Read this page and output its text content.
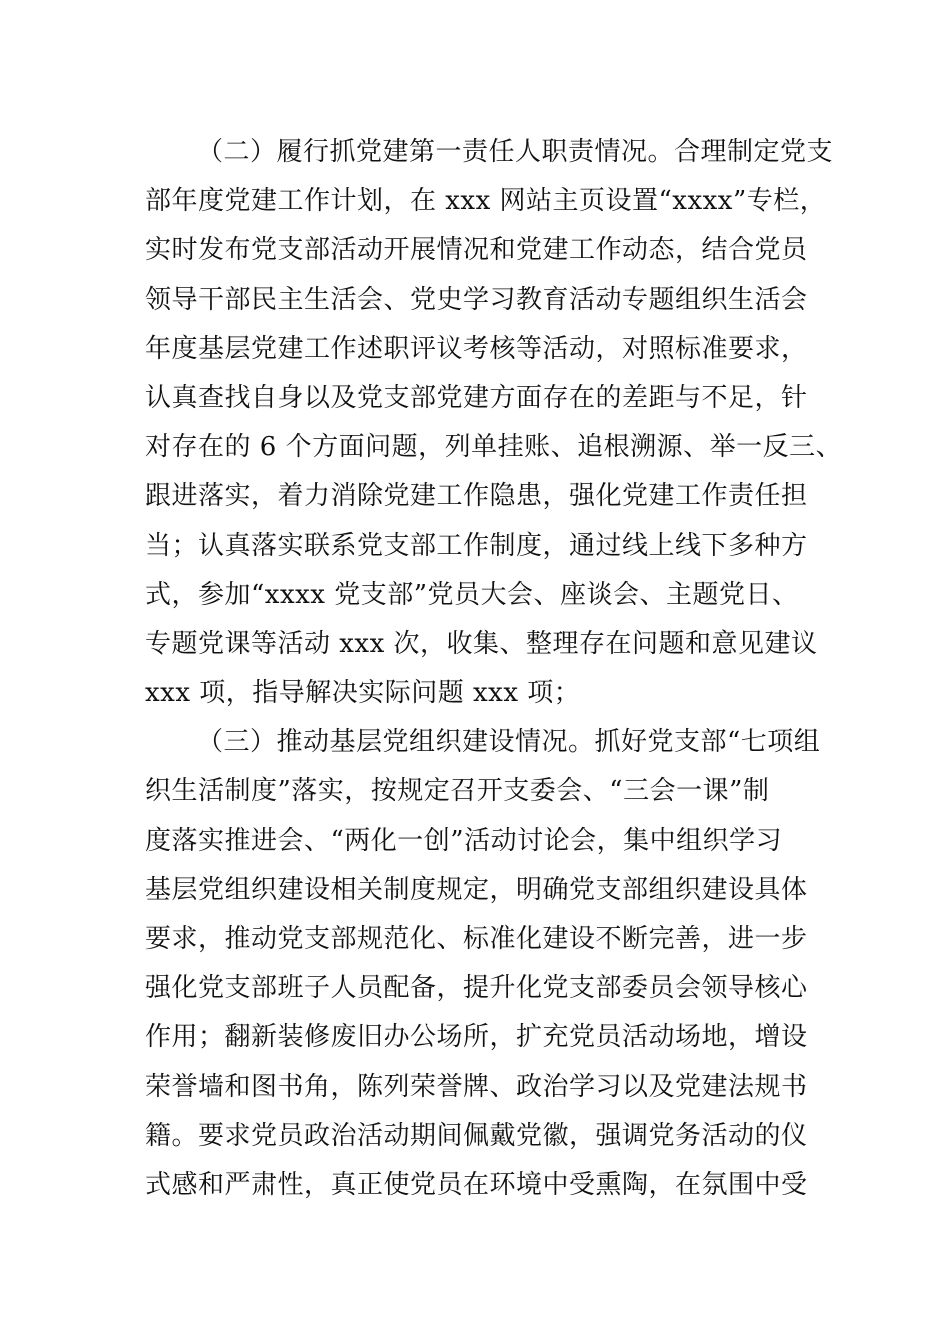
（二）履行抓党建第一责任人职责情况。合理制定党支
部年度党建工作计划，在 xxx 网站主页设置“xxxx”专栏，
实时发布党支部活动开展情况和党建工作动态，结合党员
领导干部民主生活会、党史学习教育活动专题组织生活会
年度基层党建工作述职评议考核等活动，对照标准要求，
认真查找自身以及党支部党建方面存在的差距与不足，针
对存在的 6 个方面问题，列单挂账、追根溯源、举一反三、
跟进落实，着力消除党建工作隐患，强化党建工作责任担
当；认真落实联系党支部工作制度，通过线上线下多种方
式，参加“xxxx 党支部”党员大会、座谈会、主题党日、
专题党课等活动 xxx 次，收集、整理存在问题和意见建议
xxx 项，指导解决实际问题 xxx 项；
（三）推动基层党组织建设情况。抓好党支部“七项组
织生活制度”落实，按规定召开支委会、“三会一课”制
度落实推进会、“两化一创”活动讨论会，集中组织学习
基层党组织建设相关制度规定，明确党支部组织建设具体
要求，推动党支部规范化、标准化建设不断完善，进一步
强化党支部班子人员配备，提升化党支部委员会领导核心
作用；翻新装修废旧办公场所，扩充党员活动场地，增设
荣誉墙和图书角，陈列荣誉牌、政治学习以及党建法规书
籍。要求党员政治活动期间佩戴党徽，强调党务活动的仪
式感和严肃性，真正使党员在环境中受熏陶，在氛围中受
